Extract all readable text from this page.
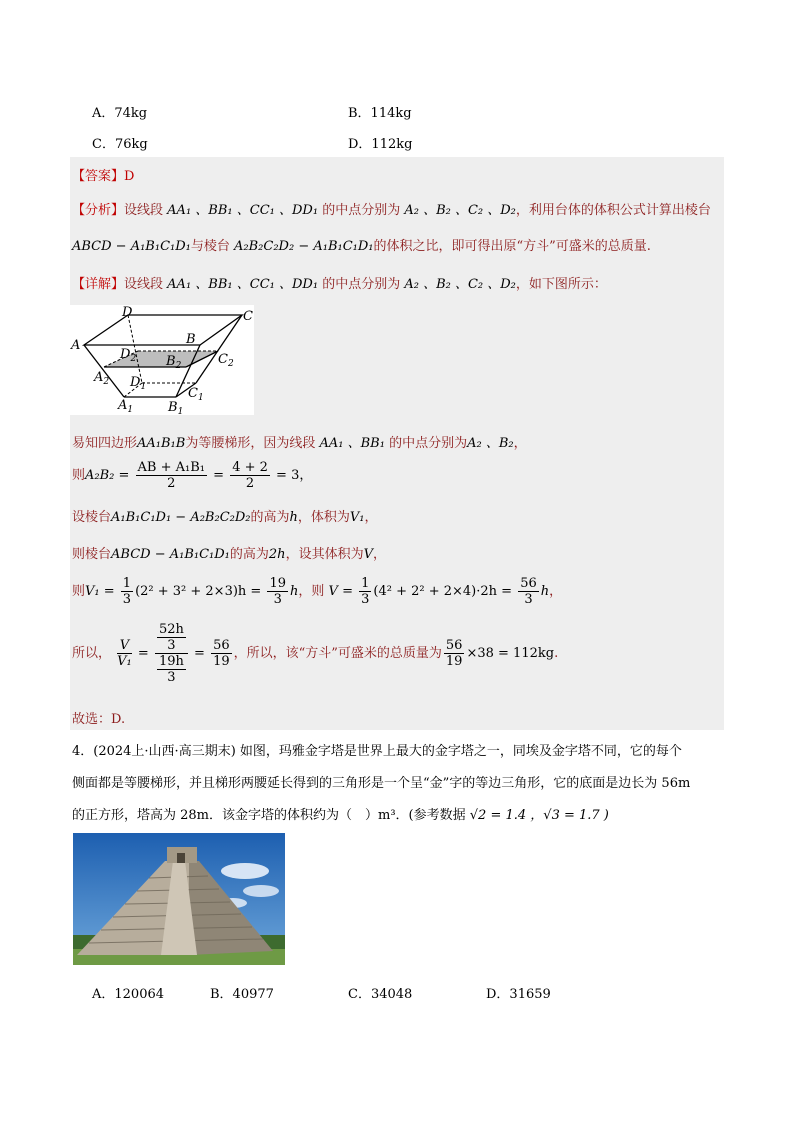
A．74kg	B．114kg
C．76kg	D．112kg
【答案】D
【分析】设线段 AA₁ 、BB₁ 、CC₁ 、DD₁ 的中点分别为 A₂ 、B₂ 、C₂ 、D₂，利用台体的体积公式计算出棱台
ABCD − A₁B₁C₁D₁与棱台 A₂B₂C₂D₂ − A₁B₁C₁D₁的体积之比，即可得出原“方斗”可盛米的总质量.
【详解】设线段 AA₁ 、BB₁ 、CC₁ 、DD₁ 的中点分别为 A₂ 、B₂ 、C₂ 、D₂，如下图所示：
A
D
B
C
$D_2$ $B_2$	$C_2$
$A_2$ $D_1$	$C_1$
$A_1$	$B_1$
易知四边形AA₁B₁B为等腰梯形，因为线段 AA₁ 、BB₁ 的中点分别为A₂ 、B₂，
则$A_2B_2 = \frac{\text{AB + A₁B₁}}{2} = \frac{4 + 2}{2} = 3$，
设棱台A₁B₁C₁D₁ − A₂B₂C₂D₂的高为h，体积为V₁，
则棱台ABCD − A₁B₁C₁D₁的高为2h，设其体积为V，
则$V_1 = \frac{1}{3} (2^2 + 3^2 + 2\times 3)h = \frac{19}{3}$ h，则 $V = \frac{1}{3} (4^2 + 2^2 + 2\times 4)\cdot 2h = \frac{56}{3}$ h，
所以， $\frac{V}{\text{V₁}} = \frac{\frac{52h}{3}}{\frac{19h}{3}} = \frac{56}{19}$ ，所以，该“方斗”可盛米的总质量为 $\frac{56}{19} \times 38 = 112kg$.
故选：D.
4．(2024上·山西·高三期末) 如图，玛雅金字塔是世界上最大的金字塔之一，同埃及金字塔不同，它的每个
侧面都是等腰梯形，并且梯形两腰延长得到的三角形是一个呈“金”字的等边三角形，它的底面是边长为 56m
的正方形，塔高为 28m．该金字塔的体积约为（　）m³．(参考数据 √2 = 1.4 ，√3 = 1.7 )
A．120064	B．40977	C．34048	D．31659
